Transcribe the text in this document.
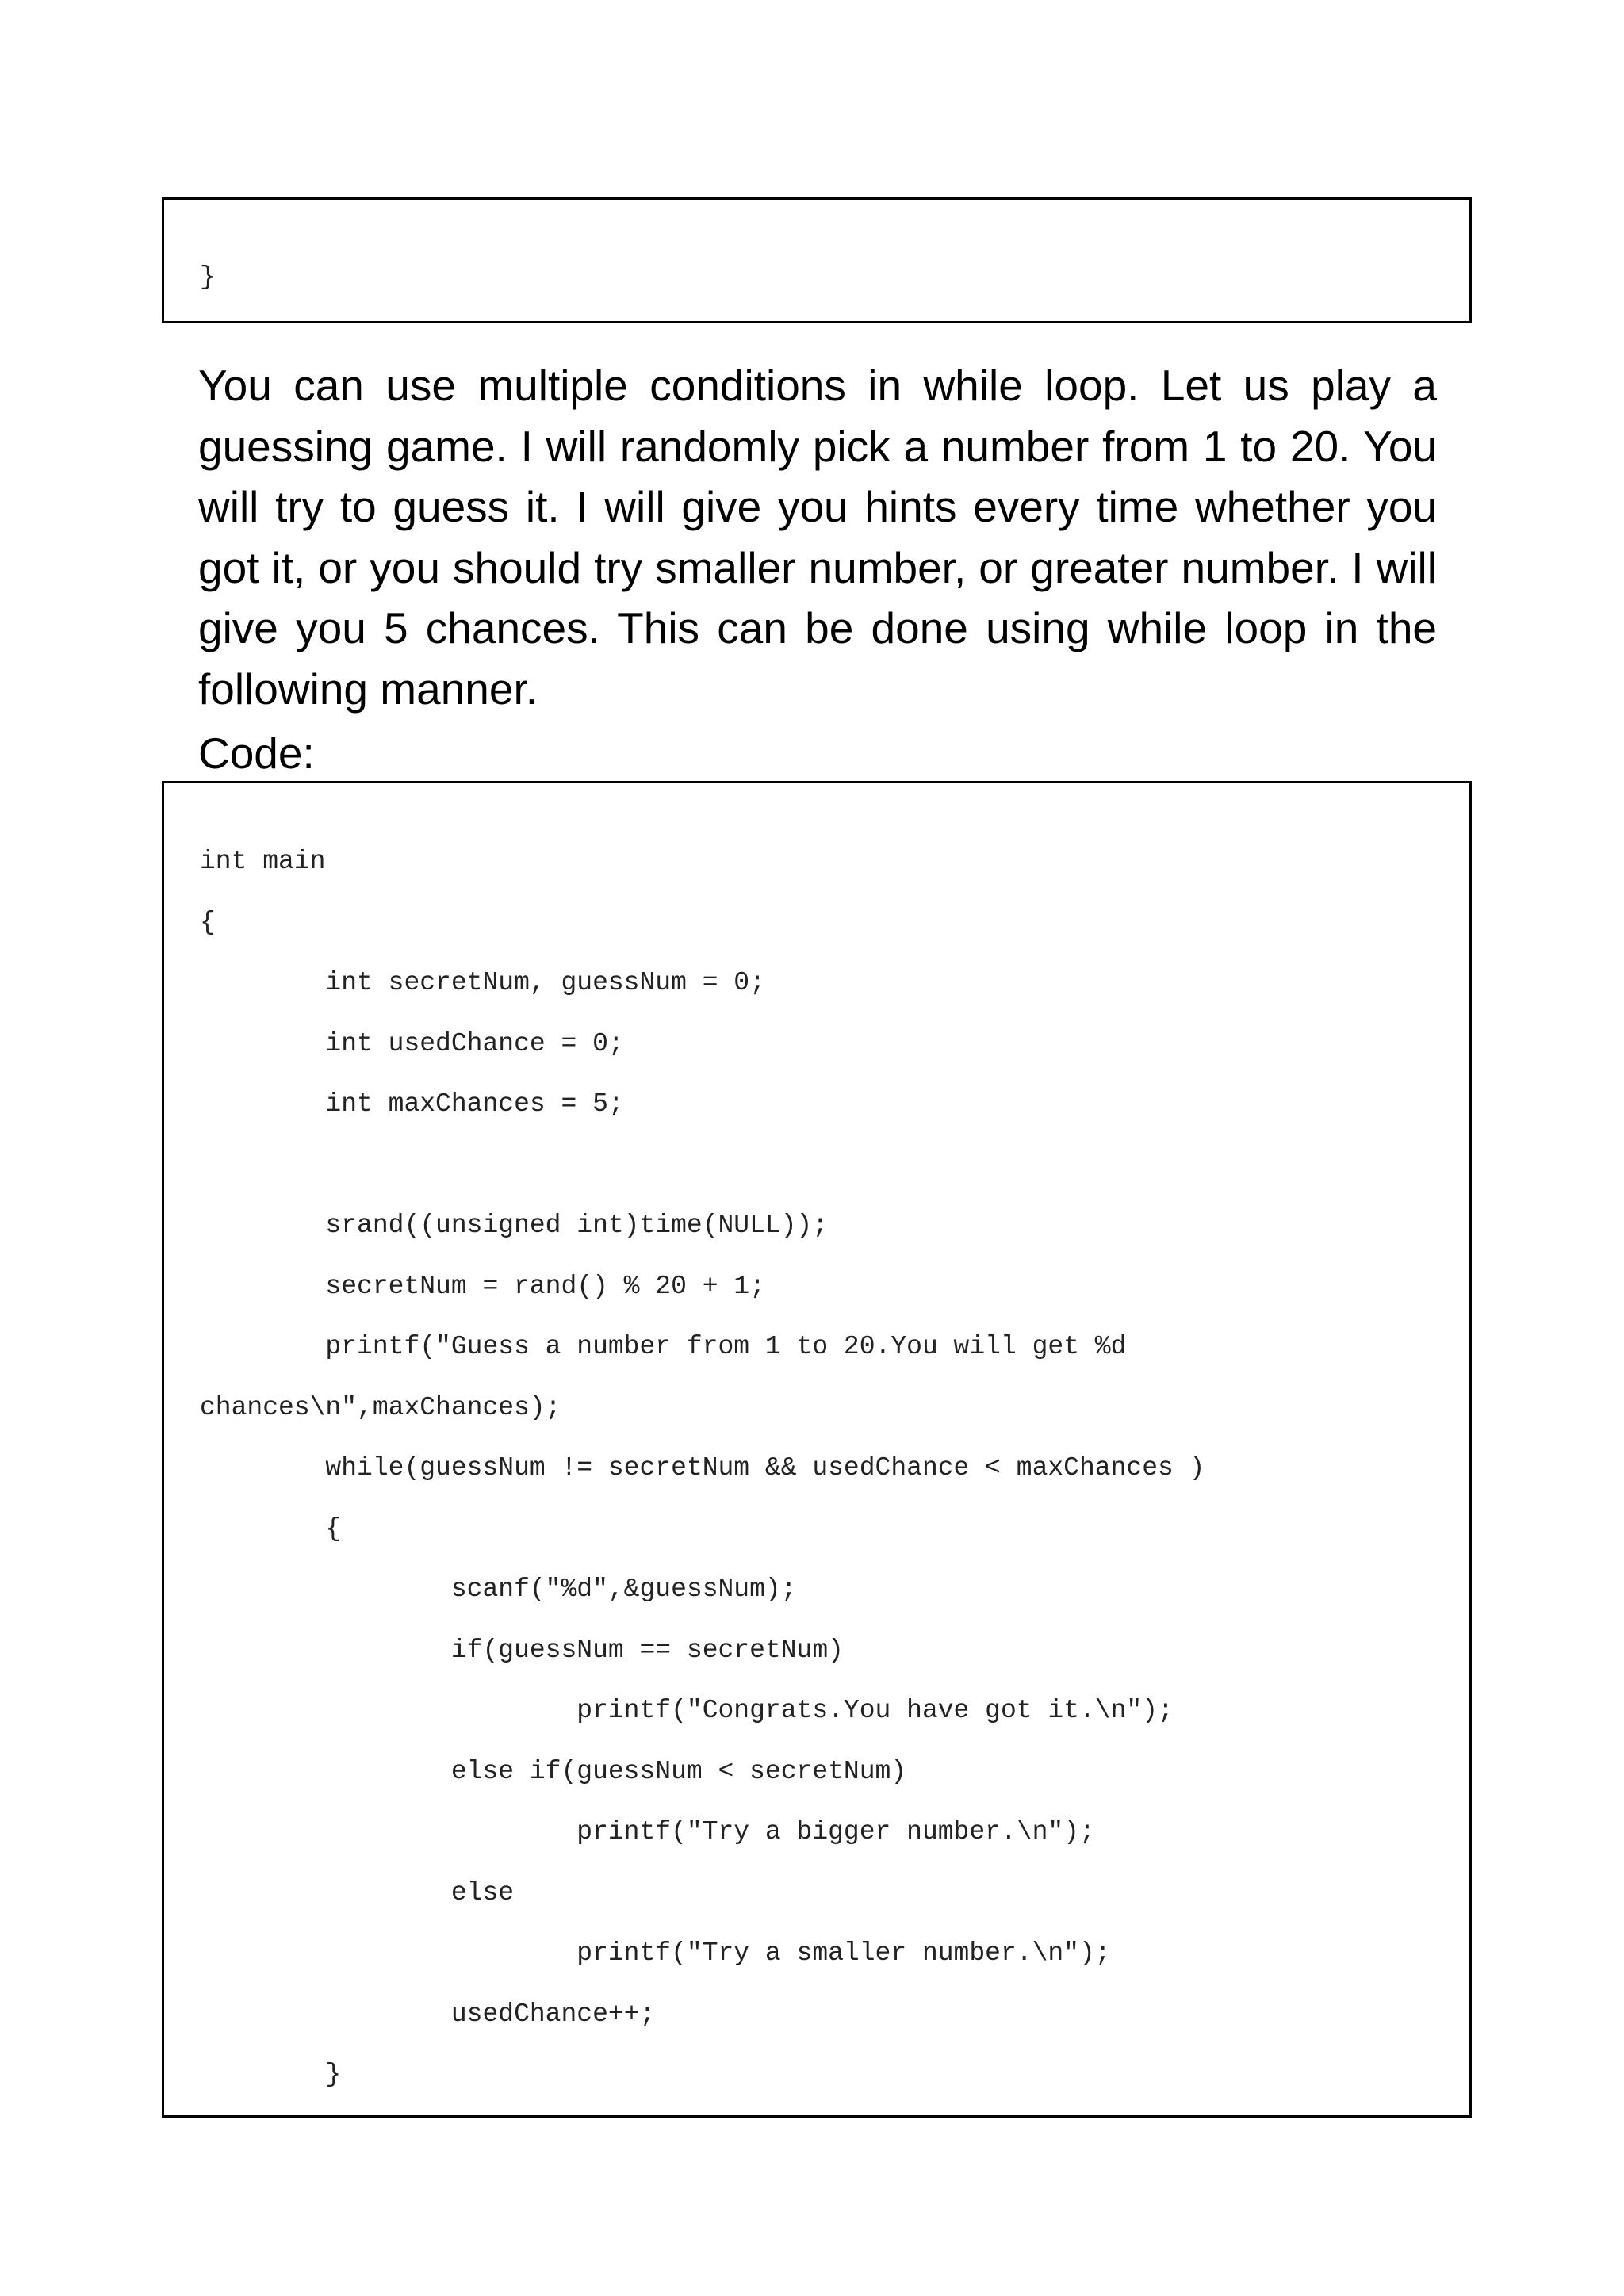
}

You can use multiple conditions in while loop. Let us play a guessing game. I will randomly pick a number from 1 to 20. You will try to guess it. I will give you hints every time whether you got it, or you should try smaller number, or greater number. I will give you 5 chances. This can be done using while loop in the following manner.

Code:

int main
{
int secretNum, guessNum = 0;
int usedChance = 0;
int maxChances = 5;
srand((unsigned int)time(NULL));
secretNum = rand() % 20 + 1;
printf("Guess a number from 1 to 20.You will get %d
chances\n",maxChances);
while(guessNum != secretNum && usedChance < maxChances )
{
scanf("%d",&guessNum);
if(guessNum == secretNum)
printf("Congrats.You have got it.\n");
else if(guessNum < secretNum)
printf("Try a bigger number.\n");
else
printf("Try a smaller number.\n");
usedChance++;
}
